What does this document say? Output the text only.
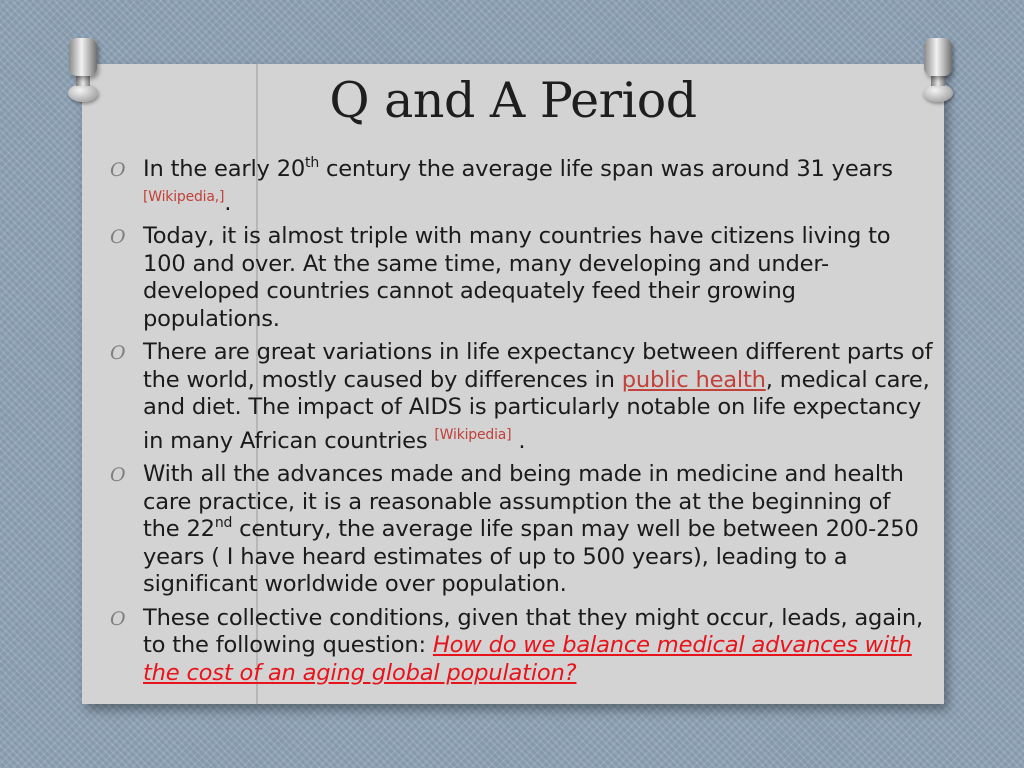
Q and A Period
O In the early 20th century the average life span was around 31 years [Wikipedia,].
O Today, it is almost triple with many countries have citizens living to 100 and over. At the same time, many developing and under-developed countries cannot adequately feed their growing populations.
O There are great variations in life expectancy between different parts of the world, mostly caused by differences in public health, medical care, and diet. The impact of AIDS is particularly notable on life expectancy in many African countries [Wikipedia] .
O With all the advances made and being made in medicine and health care practice, it is a reasonable assumption the at the beginning of the 22nd century, the average life span may well be between 200-250 years ( I have heard estimates of up to 500 years), leading to a significant worldwide over population.
O These collective conditions, given that they might occur, leads, again, to the following question: How do we balance medical advances with the cost of an aging global population?
